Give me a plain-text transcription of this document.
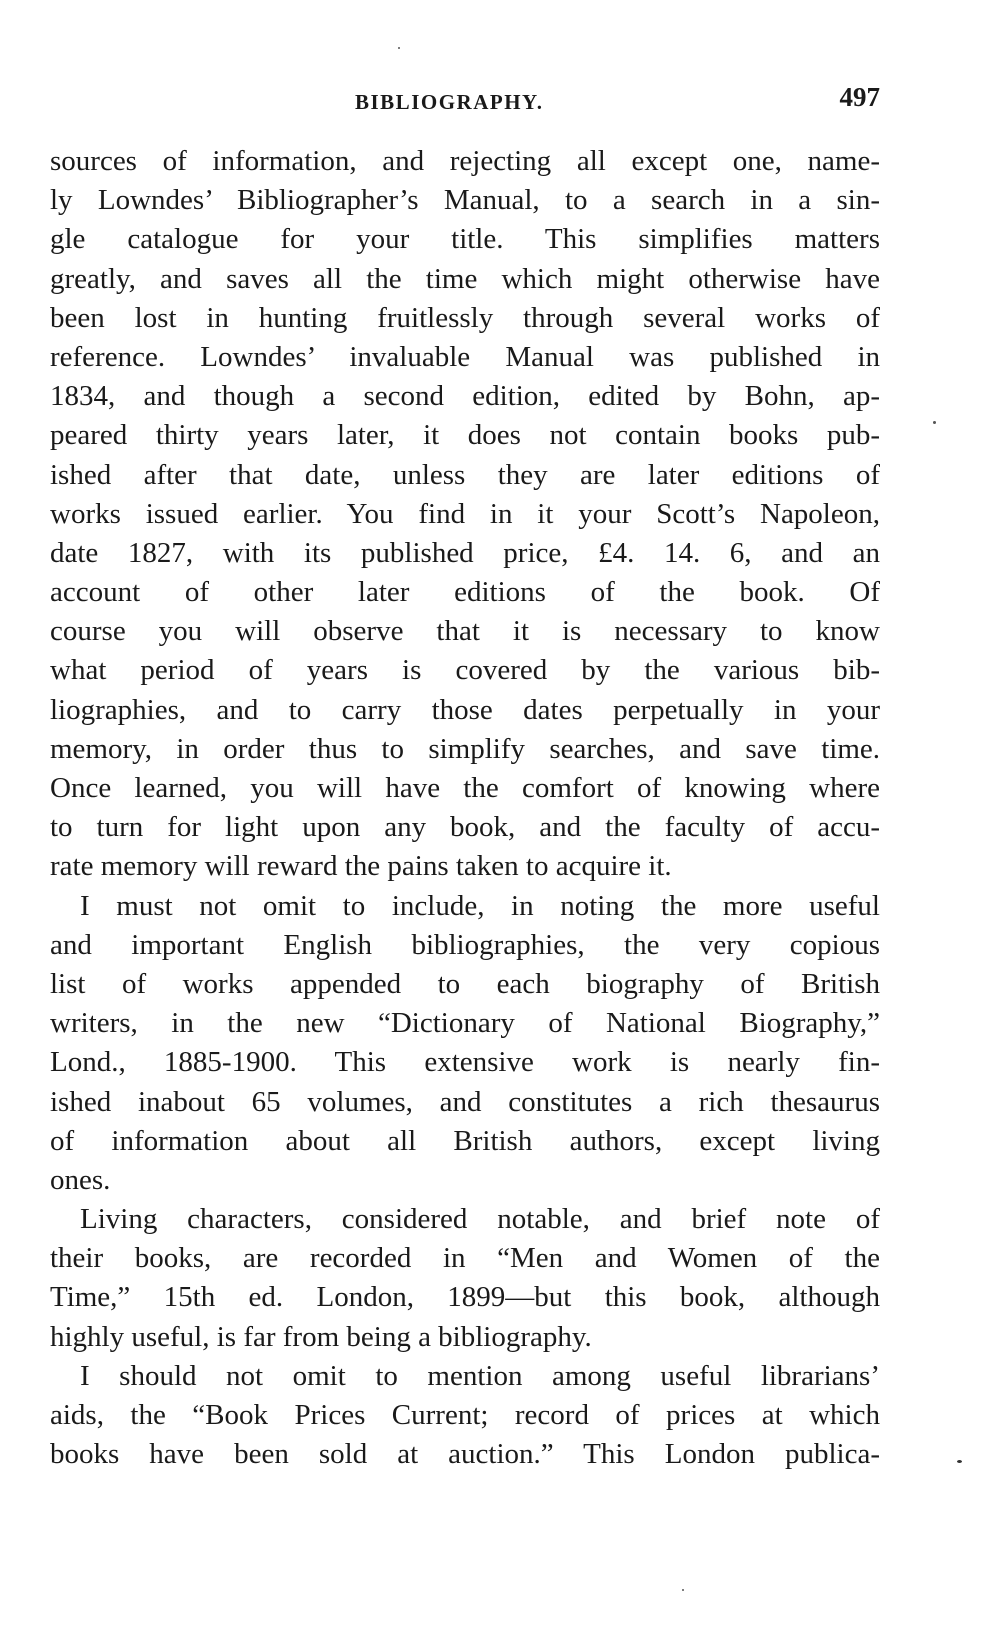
BIBLIOGRAPHY.	497
sources of information, and rejecting all except one, name-
ly Lowndes’ Bibliographer’s Manual, to a search in a sin-
gle catalogue for your title. This simplifies matters
greatly, and saves all the time which might otherwise have
been lost in hunting fruitlessly through several works of
reference. Lowndes’ invaluable Manual was published in
1834, and though a second edition, edited by Bohn, ap-
peared thirty years later, it does not contain books pub-
ished after that date, unless they are later editions of
works issued earlier. You find in it your Scott’s Napoleon,
date 1827, with its published price, £4. 14. 6, and an
account of other later editions of the book. Of
course you will observe that it is necessary to know
what period of years is covered by the various bib-
liographies, and to carry those dates perpetually in your
memory, in order thus to simplify searches, and save time.
Once learned, you will have the comfort of knowing where
to turn for light upon any book, and the faculty of accu-
rate memory will reward the pains taken to acquire it.
I must not omit to include, in noting the more useful
and important English bibliographies, the very copious
list of works appended to each biography of British
writers, in the new “Dictionary of National Biography,”
Lond., 1885-1900. This extensive work is nearly fin-
ished inabout 65 volumes, and constitutes a rich thesaurus
of information about all British authors, except living
ones.
Living characters, considered notable, and brief note of
their books, are recorded in “Men and Women of the
Time,” 15th ed. London, 1899—but this book, although
highly useful, is far from being a bibliography.
I should not omit to mention among useful librarians’
aids, the “Book Prices Current; record of prices at which
books have been sold at auction.” This London publica-
